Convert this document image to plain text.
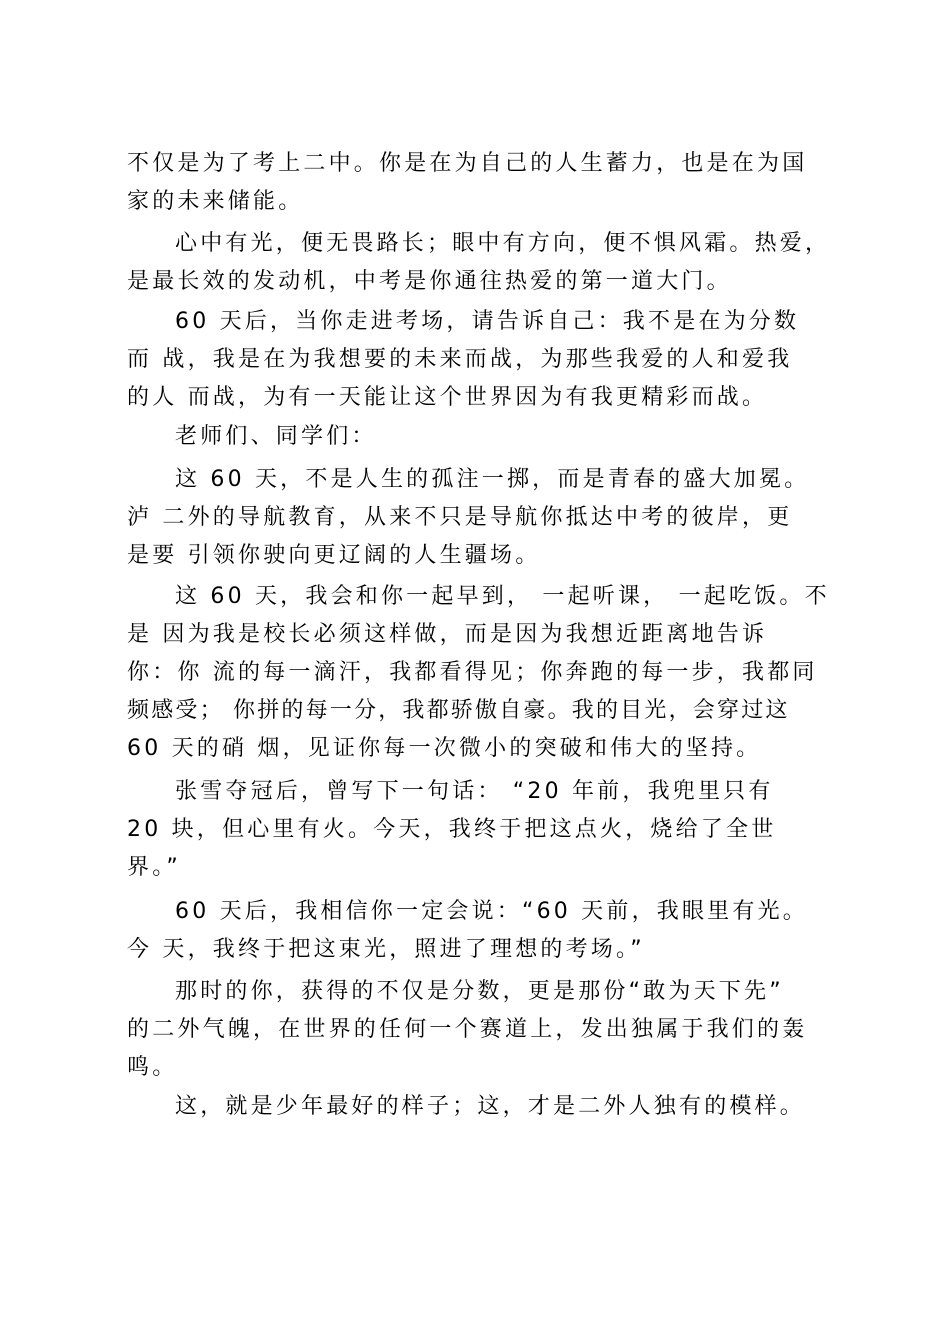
不仅是为了考上二中。你是在为自己的人生蓄力，也是在为国
家的未来储能。
心中有光，便无畏路长；眼中有方向，便不惧风霜。热爱，
是最长效的发动机，中考是你通往热爱的第一道大门。
60 天后，当你走进考场，请告诉自己：我不是在为分数
而 战，我是在为我想要的未来而战，为那些我爱的人和爱我
的人 而战，为有一天能让这个世界因为有我更精彩而战。
老师们、同学们：
这 60 天，不是人生的孤注一掷，而是青春的盛大加冕。
泸 二外的导航教育，从来不只是导航你抵达中考的彼岸，更
是要 引领你驶向更辽阔的人生疆场。
这 60 天，我会和你一起早到， 一起听课， 一起吃饭。不
是 因为我是校长必须这样做，而是因为我想近距离地告诉
你：你 流的每一滴汗，我都看得见；你奔跑的每一步，我都同
频感受； 你拼的每一分，我都骄傲自豪。我的目光，会穿过这
60 天的硝 烟，见证你每一次微小的突破和伟大的坚持。
张雪夺冠后，曾写下一句话： “20 年前，我兜里只有
20 块，但心里有火。今天，我终于把这点火，烧给了全世
界。”
60 天后，我相信你一定会说：“60 天前，我眼里有光。
今 天，我终于把这束光，照进了理想的考场。”
那时的你，获得的不仅是分数，更是那份“敢为天下先”
的二外气魄，在世界的任何一个赛道上，发出独属于我们的轰
鸣。
这，就是少年最好的样子；这，才是二外人独有的模样。
